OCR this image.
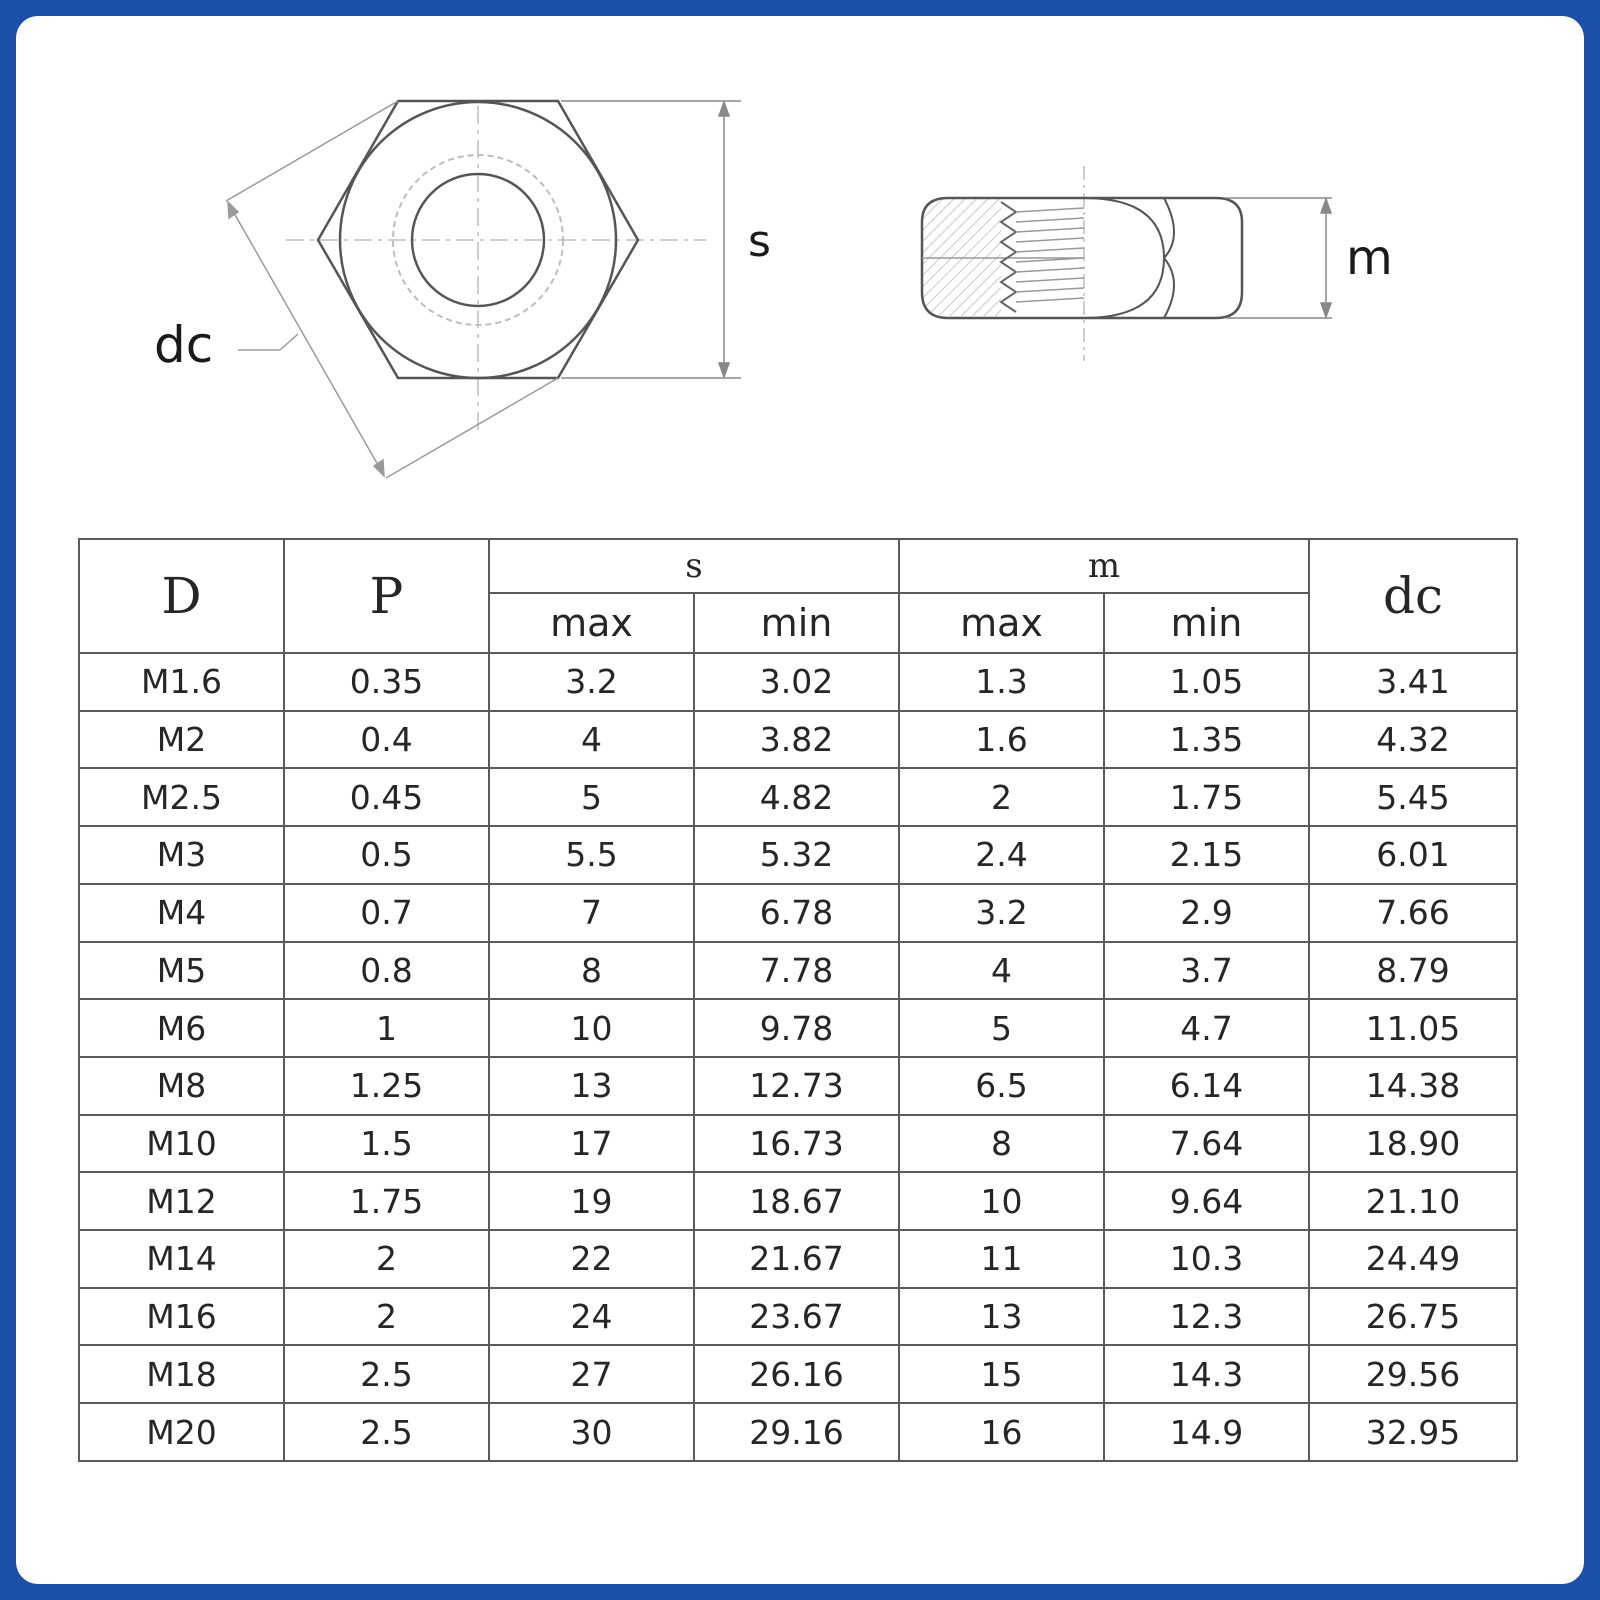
s
dc
m
D	P	s		m		dc
		max	min	max	min	
M1.6	0.35	3.2	3.02	1.3	1.05	3.41
M2	0.4	4	3.82	1.6	1.35	4.32
M2.5	0.45	5	4.82	2	1.75	5.45
M3	0.5	5.5	5.32	2.4	2.15	6.01
M4	0.7	7	6.78	3.2	2.9	7.66
M5	0.8	8	7.78	4	3.7	8.79
M6	1	10	9.78	5	4.7	11.05
M8	1.25	13	12.73	6.5	6.14	14.38
M10	1.5	17	16.73	8	7.64	18.90
M12	1.75	19	18.67	10	9.64	21.10
M14	2	22	21.67	11	10.3	24.49
M16	2	24	23.67	13	12.3	26.75
M18	2.5	27	26.16	15	14.3	29.56
M20	2.5	30	29.16	16	14.9	32.95
